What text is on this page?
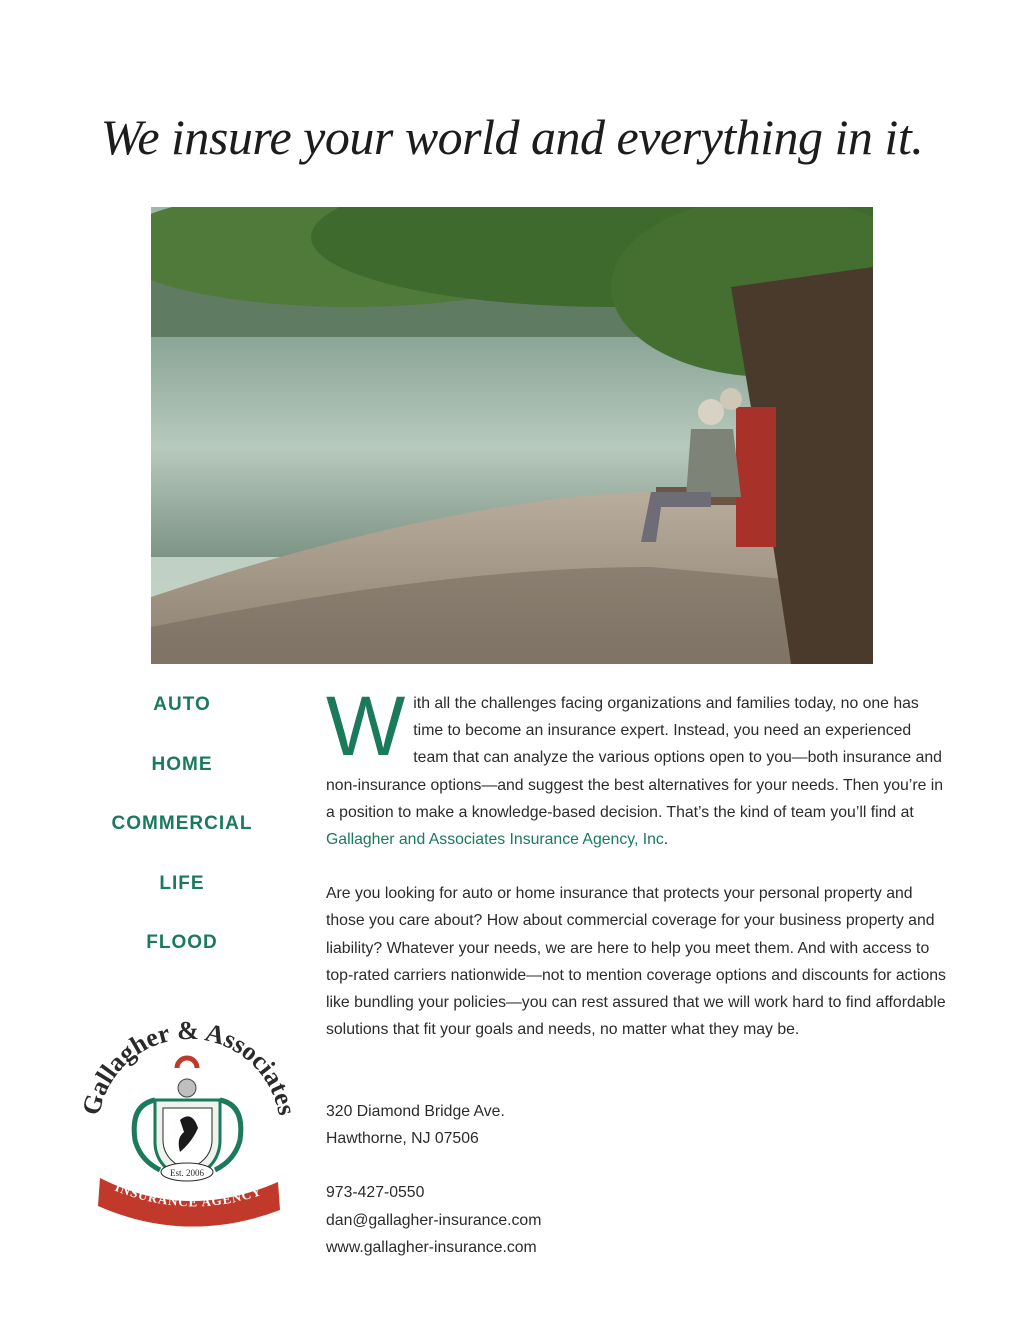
We insure your world and everything in it.
AUTO
HOME
COMMERCIAL
LIFE
FLOOD

With all the challenges facing organizations and families today, no one has time to become an insurance expert. Instead, you need an experienced team that can analyze the various options open to you—both insurance and non-insurance options—and suggest the best alternatives for your needs. Then you’re in a position to make a knowledge-based decision. That’s the kind of team you’ll find at Gallagher and Associates Insurance Agency, Inc.

Are you looking for auto or home insurance that protects your personal property and those you care about? How about commercial coverage for your business property and liability? Whatever your needs, we are here to help you meet them. And with access to top-rated carriers nationwide—not to mention coverage options and discounts for actions like bundling your policies—you can rest assured that we will work hard to find affordable solutions that fit your goals and needs, no matter what they may be.

320 Diamond Bridge Ave.
Hawthorne, NJ 07506
973-427-0550
dan@gallagher-insurance.com
www.gallagher-insurance.com
allagher & Associat
INSURANCE AGENCY
Est. 2006
